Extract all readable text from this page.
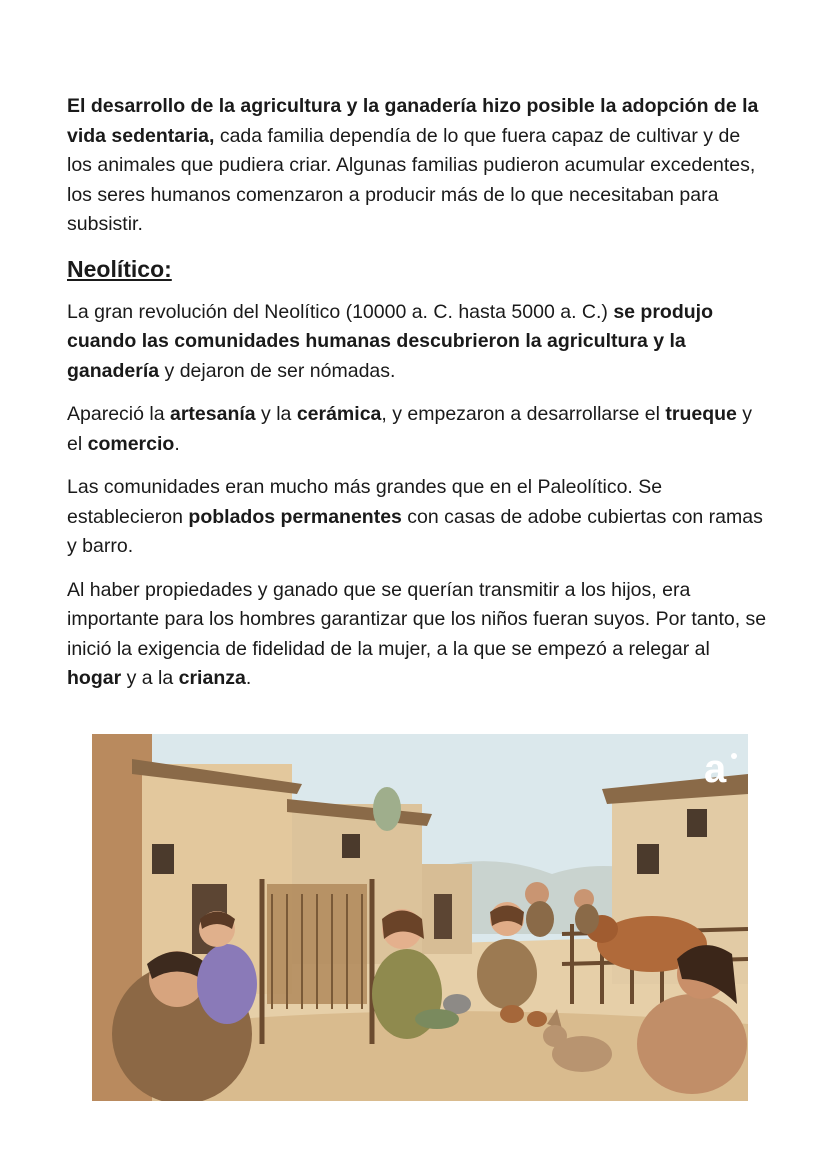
El desarrollo de la agricultura y la ganadería hizo posible la adopción de la vida sedentaria, cada familia dependía de lo que fuera capaz de cultivar y de los animales que pudiera criar. Algunas familias pudieron acumular excedentes, los seres humanos comenzaron a producir más de lo que necesitaban para subsistir.

Neolítico:

La gran revolución del Neolítico (10000 a. C. hasta 5000 a. C.) se produjo cuando las comunidades humanas descubrieron la agricultura y la ganadería y dejaron de ser nómadas.

Apareció la artesanía y la cerámica, y empezaron a desarrollarse el trueque y el comercio.

Las comunidades eran mucho más grandes que en el Paleolítico. Se establecieron poblados permanentes con casas de adobe cubiertas con ramas y barro.

Al haber propiedades y ganado que se querían transmitir a los hijos, era importante para los hombres garantizar que los niños fueran suyos. Por tanto, se inició la exigencia de fidelidad de la mujer, a la que se empezó a relegar al hogar y a la crianza.

a
